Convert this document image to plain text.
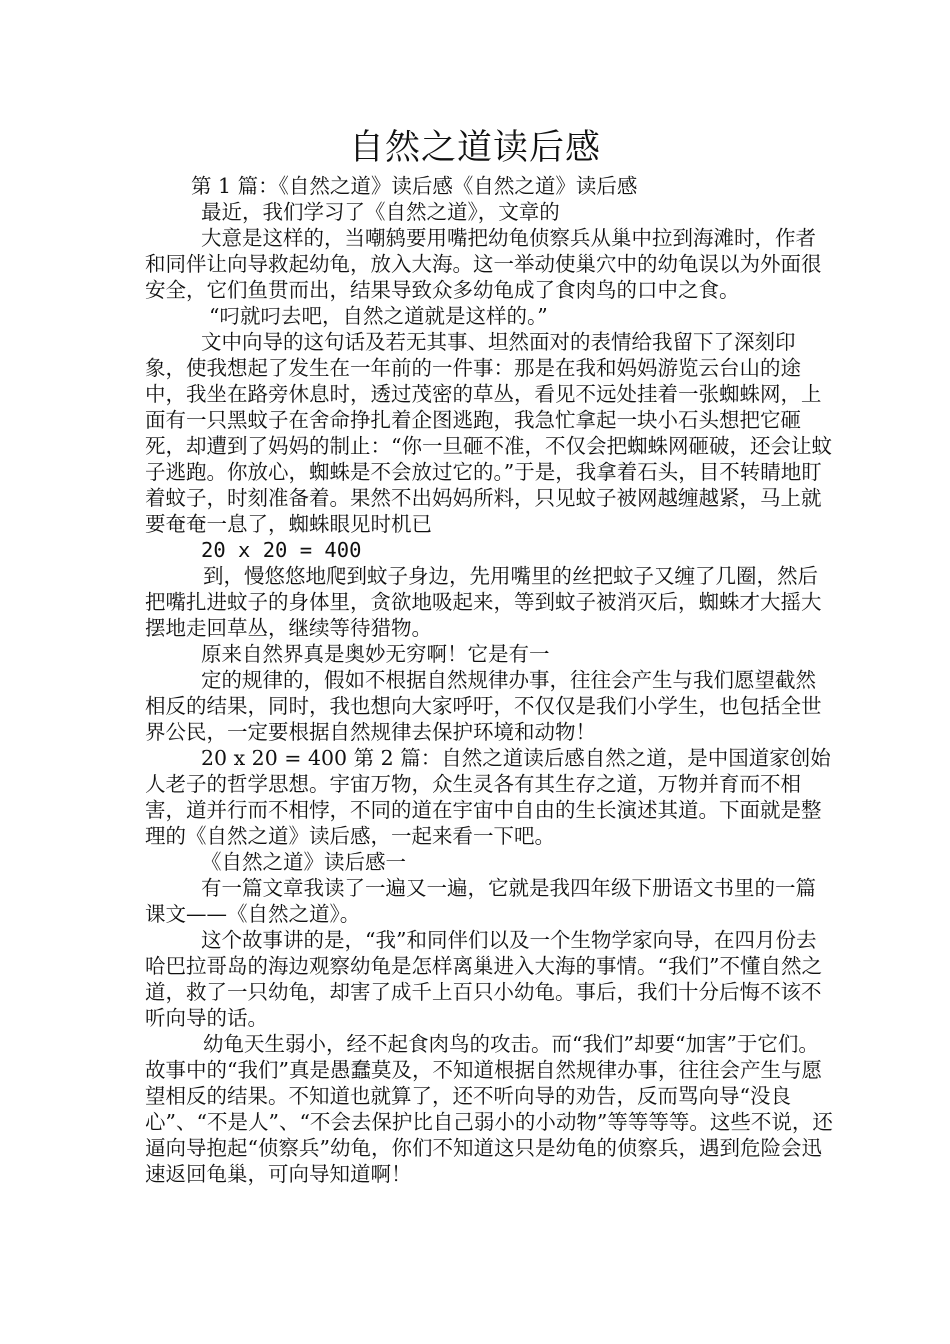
自然之道读后感

第 1 篇：《自然之道》读后感《自然之道》读后感

最近，我们学习了《自然之道》，文章的

大意是这样的，当嘲鸫要用嘴把幼龟侦察兵从巢中拉到海滩时，作者和同伴让向导救起幼龟，放入大海。这一举动使巢穴中的幼龟误以为外面很安全，它们鱼贯而出，结果导致众多幼龟成了食肉鸟的口中之食。

“叼就叼去吧，自然之道就是这样的。”

文中向导的这句话及若无其事、坦然面对的表情给我留下了深刻印象，使我想起了发生在一年前的一件事：那是在我和妈妈游览云台山的途中，我坐在路旁休息时，透过茂密的草丛，看见不远处挂着一张蜘蛛网，上面有一只黑蚊子在舍命挣扎着企图逃跑，我急忙拿起一块小石头想把它砸死，却遭到了妈妈的制止：“你一旦砸不准，不仅会把蜘蛛网砸破，还会让蚊子逃跑。你放心，蜘蛛是不会放过它的。”于是，我拿着石头，目不转睛地盯着蚊子，时刻准备着。果然不出妈妈所料，只见蚊子被网越缠越紧，马上就要奄奄一息了，蜘蛛眼见时机已

20 x 20 = 400

到，慢悠悠地爬到蚊子身边，先用嘴里的丝把蚊子又缠了几圈，然后把嘴扎进蚊子的身体里，贪欲地吸起来，等到蚊子被消灭后，蜘蛛才大摇大摆地走回草丛，继续等待猎物。

原来自然界真是奥妙无穷啊！它是有一

定的规律的，假如不根据自然规律办事，往往会产生与我们愿望截然相反的结果，同时，我也想向大家呼吁，不仅仅是我们小学生，也包括全世界公民，一定要根据自然规律去保护环境和动物！

20 x 20 = 400 第 2 篇：自然之道读后感自然之道，是中国道家创始人老子的哲学思想。宇宙万物，众生灵各有其生存之道，万物并育而不相害，道并行而不相悖，不同的道在宇宙中自由的生长演述其道。下面就是整理的《自然之道》读后感，一起来看一下吧。

《自然之道》读后感一

有一篇文章我读了一遍又一遍，它就是我四年级下册语文书里的一篇课文——《自然之道》。

这个故事讲的是，“我”和同伴们以及一个生物学家向导，在四月份去哈巴拉哥岛的海边观察幼龟是怎样离巢进入大海的事情。“我们”不懂自然之道，救了一只幼龟，却害了成千上百只小幼龟。事后，我们十分后悔不该不听向导的话。

幼龟天生弱小，经不起食肉鸟的攻击。而“我们”却要“加害”于它们。故事中的“我们”真是愚蠢莫及，不知道根据自然规律办事，往往会产生与愿望相反的结果。不知道也就算了，还不听向导的劝告，反而骂向导“没良心”、“不是人”、“不会去保护比自己弱小的小动物”等等等等。这些不说，还逼向导抱起“侦察兵”幼龟，你们不知道这只是幼龟的侦察兵，遇到危险会迅速返回龟巢，可向导知道啊！
